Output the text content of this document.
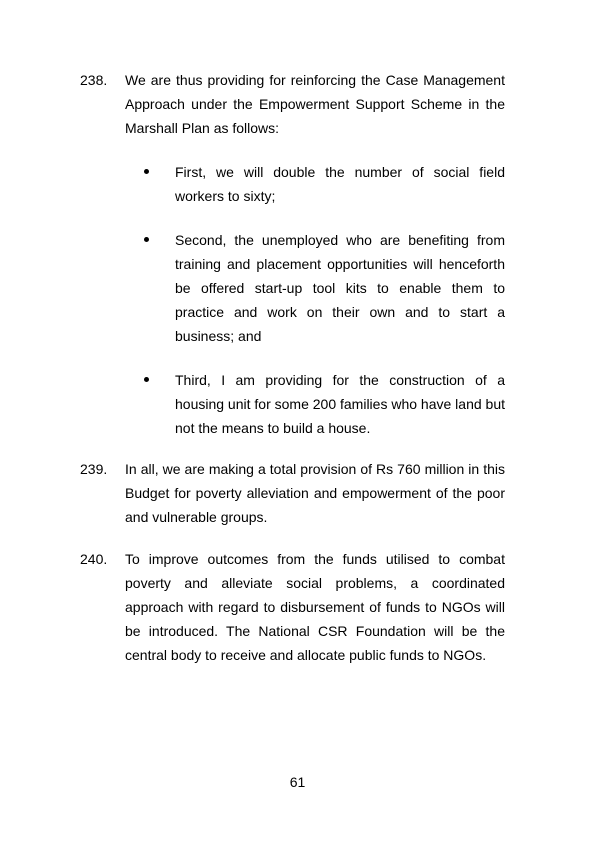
238. We are thus providing for reinforcing the Case Management Approach under the Empowerment Support Scheme in the Marshall Plan as follows:
First, we will double the number of social field workers to sixty;
Second, the unemployed who are benefiting from training and placement opportunities will henceforth be offered start-up tool kits to enable them to practice and work on their own and to start a business; and
Third, I am providing for the construction of a housing unit for some 200 families who have land but not the means to build a house.
239. In all, we are making a total provision of Rs 760 million in this Budget for poverty alleviation and empowerment of the poor and vulnerable groups.
240. To improve outcomes from the funds utilised to combat poverty and alleviate social problems, a coordinated approach with regard to disbursement of funds to NGOs will be introduced. The National CSR Foundation will be the central body to receive and allocate public funds to NGOs.
61
